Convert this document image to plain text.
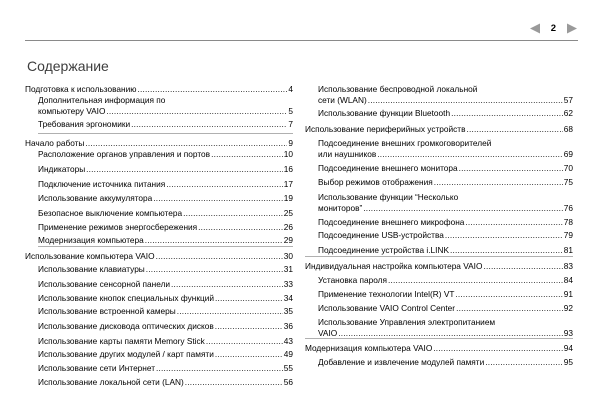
2
Содержание
Подготовка к использованию .....	4
Дополнительная информация по
компьютеру VAIO .....	5
Требования эргономики .....	7
Начало работы .....	9
Расположение органов управления и портов .....	10
Индикаторы .....	16
Подключение источника питания .....	17
Использование аккумулятора .....	19
Безопасное выключение компьютера .....	25
Применение режимов энергосбережения .....	26
Модернизация компьютера .....	29
Использование компьютера VAIO .....	30
Использование клавиатуры .....	31
Использование сенсорной панели .....	33
Использование кнопок специальных функций .....	34
Использование встроенной камеры .....	35
Использование дисковода оптических дисков .....	36
Использование карты памяти Memory Stick .....	43
Использование других модулей / карт памяти .....	49
Использование сети Интернет .....	55
Использование локальной сети (LAN) .....	56
Использование беспроводной локальной
сети (WLAN) .....	57
Использование функции Bluetooth .....	62
Использование периферийных устройств .....	68
Подсоединение внешних громкоговорителей
или наушников .....	69
Подсоединение внешнего монитора .....	70
Выбор режимов отображения .....	75
Использование функции “Несколько
мониторов” .....	76
Подсоединение внешнего микрофона .....	78
Подсоединение USB-устройства .....	79
Подсоединение устройства i.LINK .....	81
Индивидуальная настройка компьютера VAIO .....	83
Установка пароля .....	84
Применение технологии Intel(R) VT .....	91
Использование VAIO Control Center .....	92
Использование Управления электропитанием
VAIO .....	93
Модернизация компьютера VAIO .....	94
Добавление и извлечение модулей памяти .....	95
